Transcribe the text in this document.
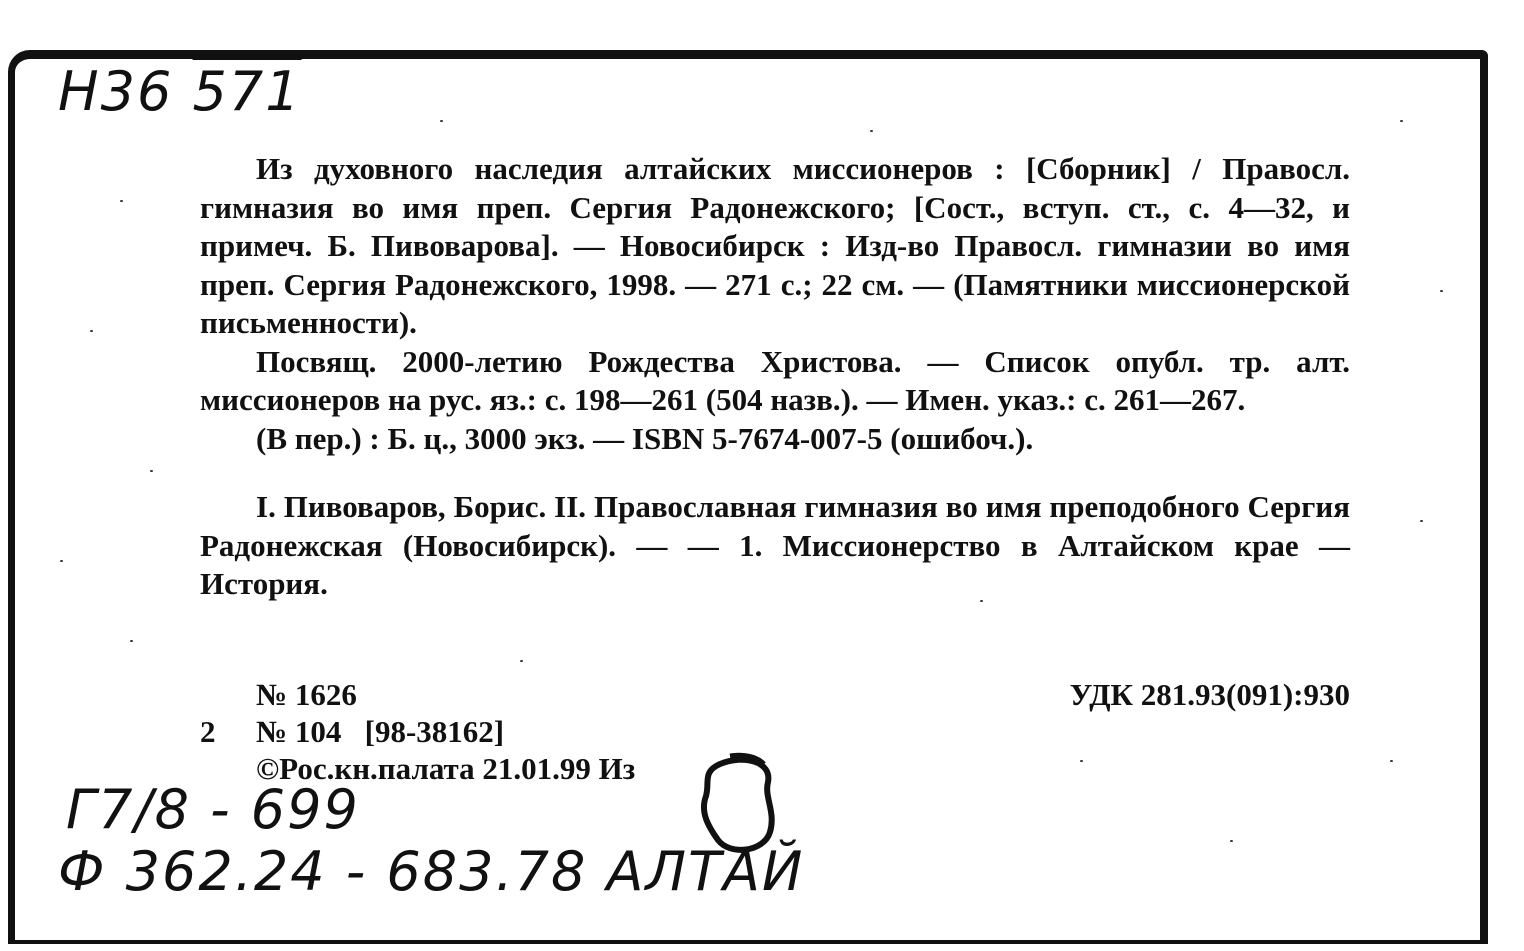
H36 571

Из духовного наследия алтайских миссионеров : [Сборник] / Правосл. гимназия во имя преп. Сергия Радонежского; [Сост., вступ. ст., с. 4—32, и примеч. Б. Пивоварова]. — Новосибирск : Изд-во Правосл. гимназии во имя преп. Сергия Радонежского, 1998. — 271 с.; 22 см. — (Памятники миссионерской письменности).

Посвящ. 2000-летию Рождества Христова. — Список опубл. тр. алт. миссионеров на рус. яз.: с. 198—261 (504 назв.). — Имен. указ.: с. 261—267.

(В пер.) : Б. ц., 3000 экз. — ISBN 5-7674-007-5 (ошибоч.).

I. Пивоваров, Борис. II. Православная гимназия во имя преподобного Сергия Радонежская (Новосибирск). — — 1. Миссионерство в Алтайском крае — История.

№ 1626	УДК 281.93(091):930
2 № 104 [98-38162]
©Рос.кн.палата 21.01.99 Из
Г7/8 - 699
Ф 362.24 - 683.78 АЛТАЙ
